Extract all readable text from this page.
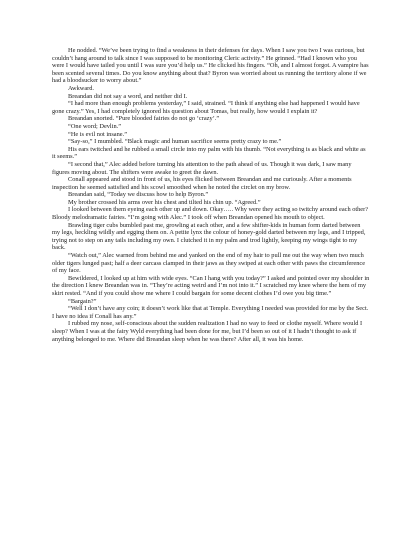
He nodded. “We’ve been trying to find a weakness in their defenses for days. When I saw you two I was curious, but couldn’t hang around to talk since I was supposed to be monitoring Cleric activity.” He grinned. “Had I known who you were I would have tailed you until I was sure you’d help us.” He clicked his fingers. “Oh, and I almost forgot. A vampire has been scented several times. Do you know anything about that? Byron was worried about us running the territory alone if we had a bloodsucker to worry about.”

Awkward.

Breandan did not say a word, and neither did I.

“I had more than enough problems yesterday,” I said, strained. “I think if anything else had happened I would have gone crazy.” Yes, I had completely ignored his question about Tomas, but really, how would I explain it?

Breandan snorted. “Pure blooded fairies do not go ‘crazy’.”

“One word; Devlin.”

“He is evil not insane.”

“Say-so,” I mumbled. “Black magic and human sacrifice seems pretty crazy to me.”

His ears twitched and he rubbed a small circle into my palm with his thumb. “Not everything is as black and white as it seems.”

“I second that,” Alec added before turning his attention to the path ahead of us. Though it was dark, I saw many figures moving about. The shifters were awake to greet the dawn.

Conall appeared and stood in front of us, his eyes flicked between Breandan and me curiously. After a moments inspection he seemed satisfied and his scowl smoothed when he noted the circlet on my brow.

Breandan said, “Today we discuss how to help Byron.”

My brother crossed his arms over his chest and tilted his chin up. “Agreed.”

I looked between them eyeing each other up and down. Okay….. Why were they acting so twitchy around each other? Bloody melodramatic fairies. “I’m going with Alec.” I took off when Breandan opened his mouth to object.

Brawling tiger cubs bumbled past me, growling at each other, and a few shifter-kids in human form darted between my legs, heckling wildly and egging them on. A petite lynx the colour of honey-gold darted between my legs, and I tripped, trying not to step on any tails including my own. I clutched it in my palm and trod lightly, keeping my wings tight to my back.

“Watch out,” Alec warned from behind me and yanked on the end of my hair to pull me out the way when two much older tigers lunged past; half a deer carcass clamped in their jaws as they swiped at each other with paws the circumference of my face.

Bewildered, I looked up at him with wide eyes. “Can I hang with you today?” I asked and pointed over my shoulder in the direction I knew Breandan was in. “They’re acting weird and I’m not into it.” I scratched my knee where the hem of my skirt rested. “And if you could show me where I could bargain for some decent clothes I’d owe you big time.”

“Bargain?”

“Well I don’t have any coin; it doesn’t work like that at Temple. Everything I needed was provided for me by the Sect. I have no idea if Conall has any.”

I rubbed my nose, self-conscious about the sudden realization I had no way to feed or clothe myself. Where would I sleep? When I was at the fairy Wyld everything had been done for me, but I’d been so out of it I hadn’t thought to ask if anything belonged to me. Where did Breandan sleep when he was there? After all, it was his home.
